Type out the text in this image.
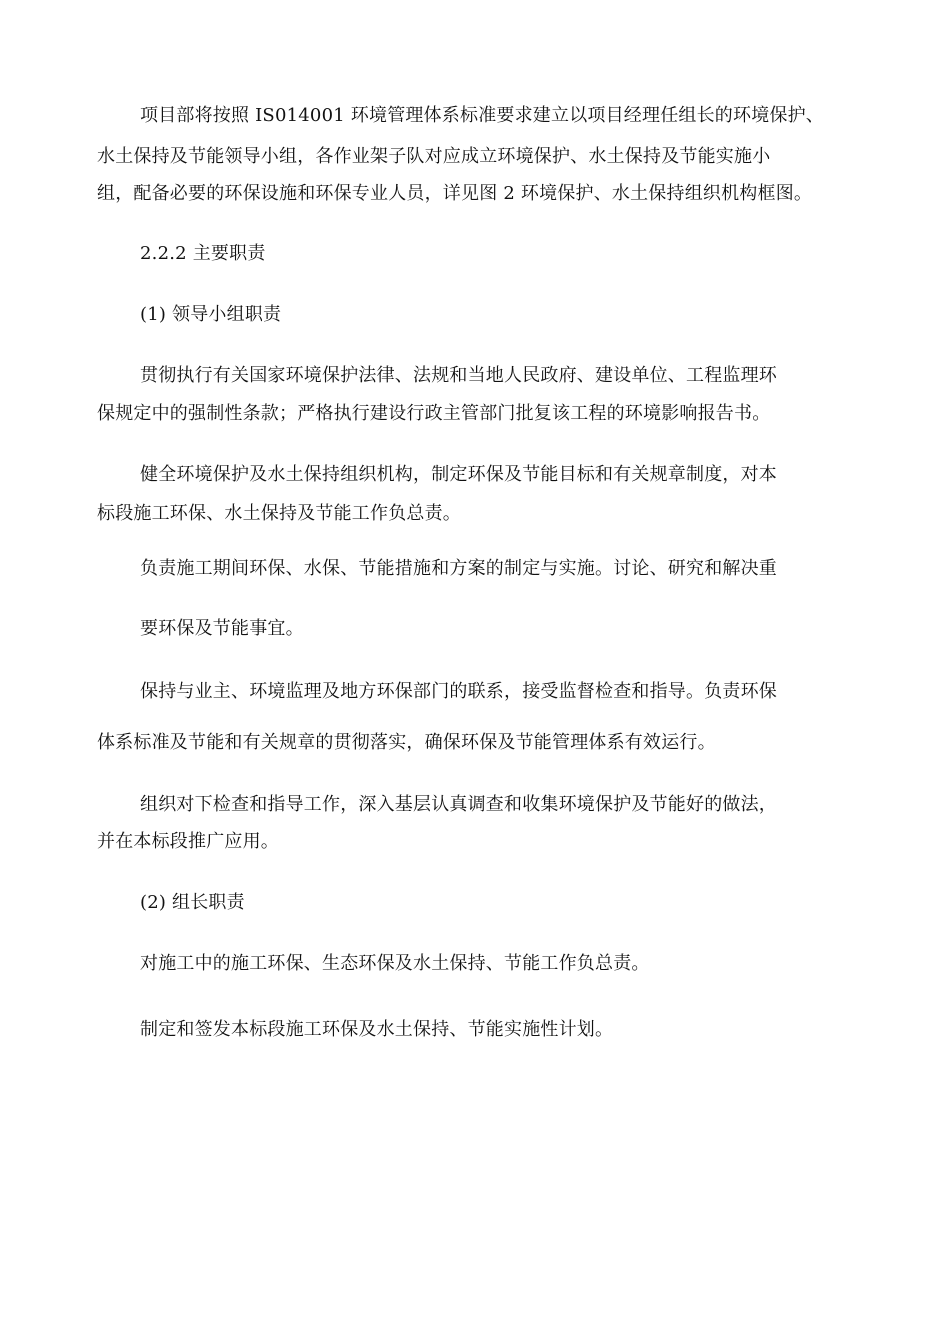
项目部将按照 IS014001 环境管理体系标准要求建立以项目经理任组长的环境保护、

水土保持及节能领导小组，各作业架子队对应成立环境保护、水土保持及节能实施小

组，配备必要的环保设施和环保专业人员，详见图 2 环境保护、水土保持组织机构框图。

2.2.2 主要职责

(1) 领导小组职责

贯彻执行有关国家环境保护法律、法规和当地人民政府、建设单位、工程监理环

保规定中的强制性条款；严格执行建设行政主管部门批复该工程的环境影响报告书。

健全环境保护及水土保持组织机构，制定环保及节能目标和有关规章制度，对本

标段施工环保、水土保持及节能工作负总责。

负责施工期间环保、水保、节能措施和方案的制定与实施。讨论、研究和解决重

要环保及节能事宜。

保持与业主、环境监理及地方环保部门的联系，接受监督检查和指导。负责环保

体系标准及节能和有关规章的贯彻落实，确保环保及节能管理体系有效运行。

组织对下检查和指导工作，深入基层认真调查和收集环境保护及节能好的做法，

并在本标段推广应用。

(2) 组长职责

对施工中的施工环保、生态环保及水土保持、节能工作负总责。

制定和签发本标段施工环保及水土保持、节能实施性计划。
